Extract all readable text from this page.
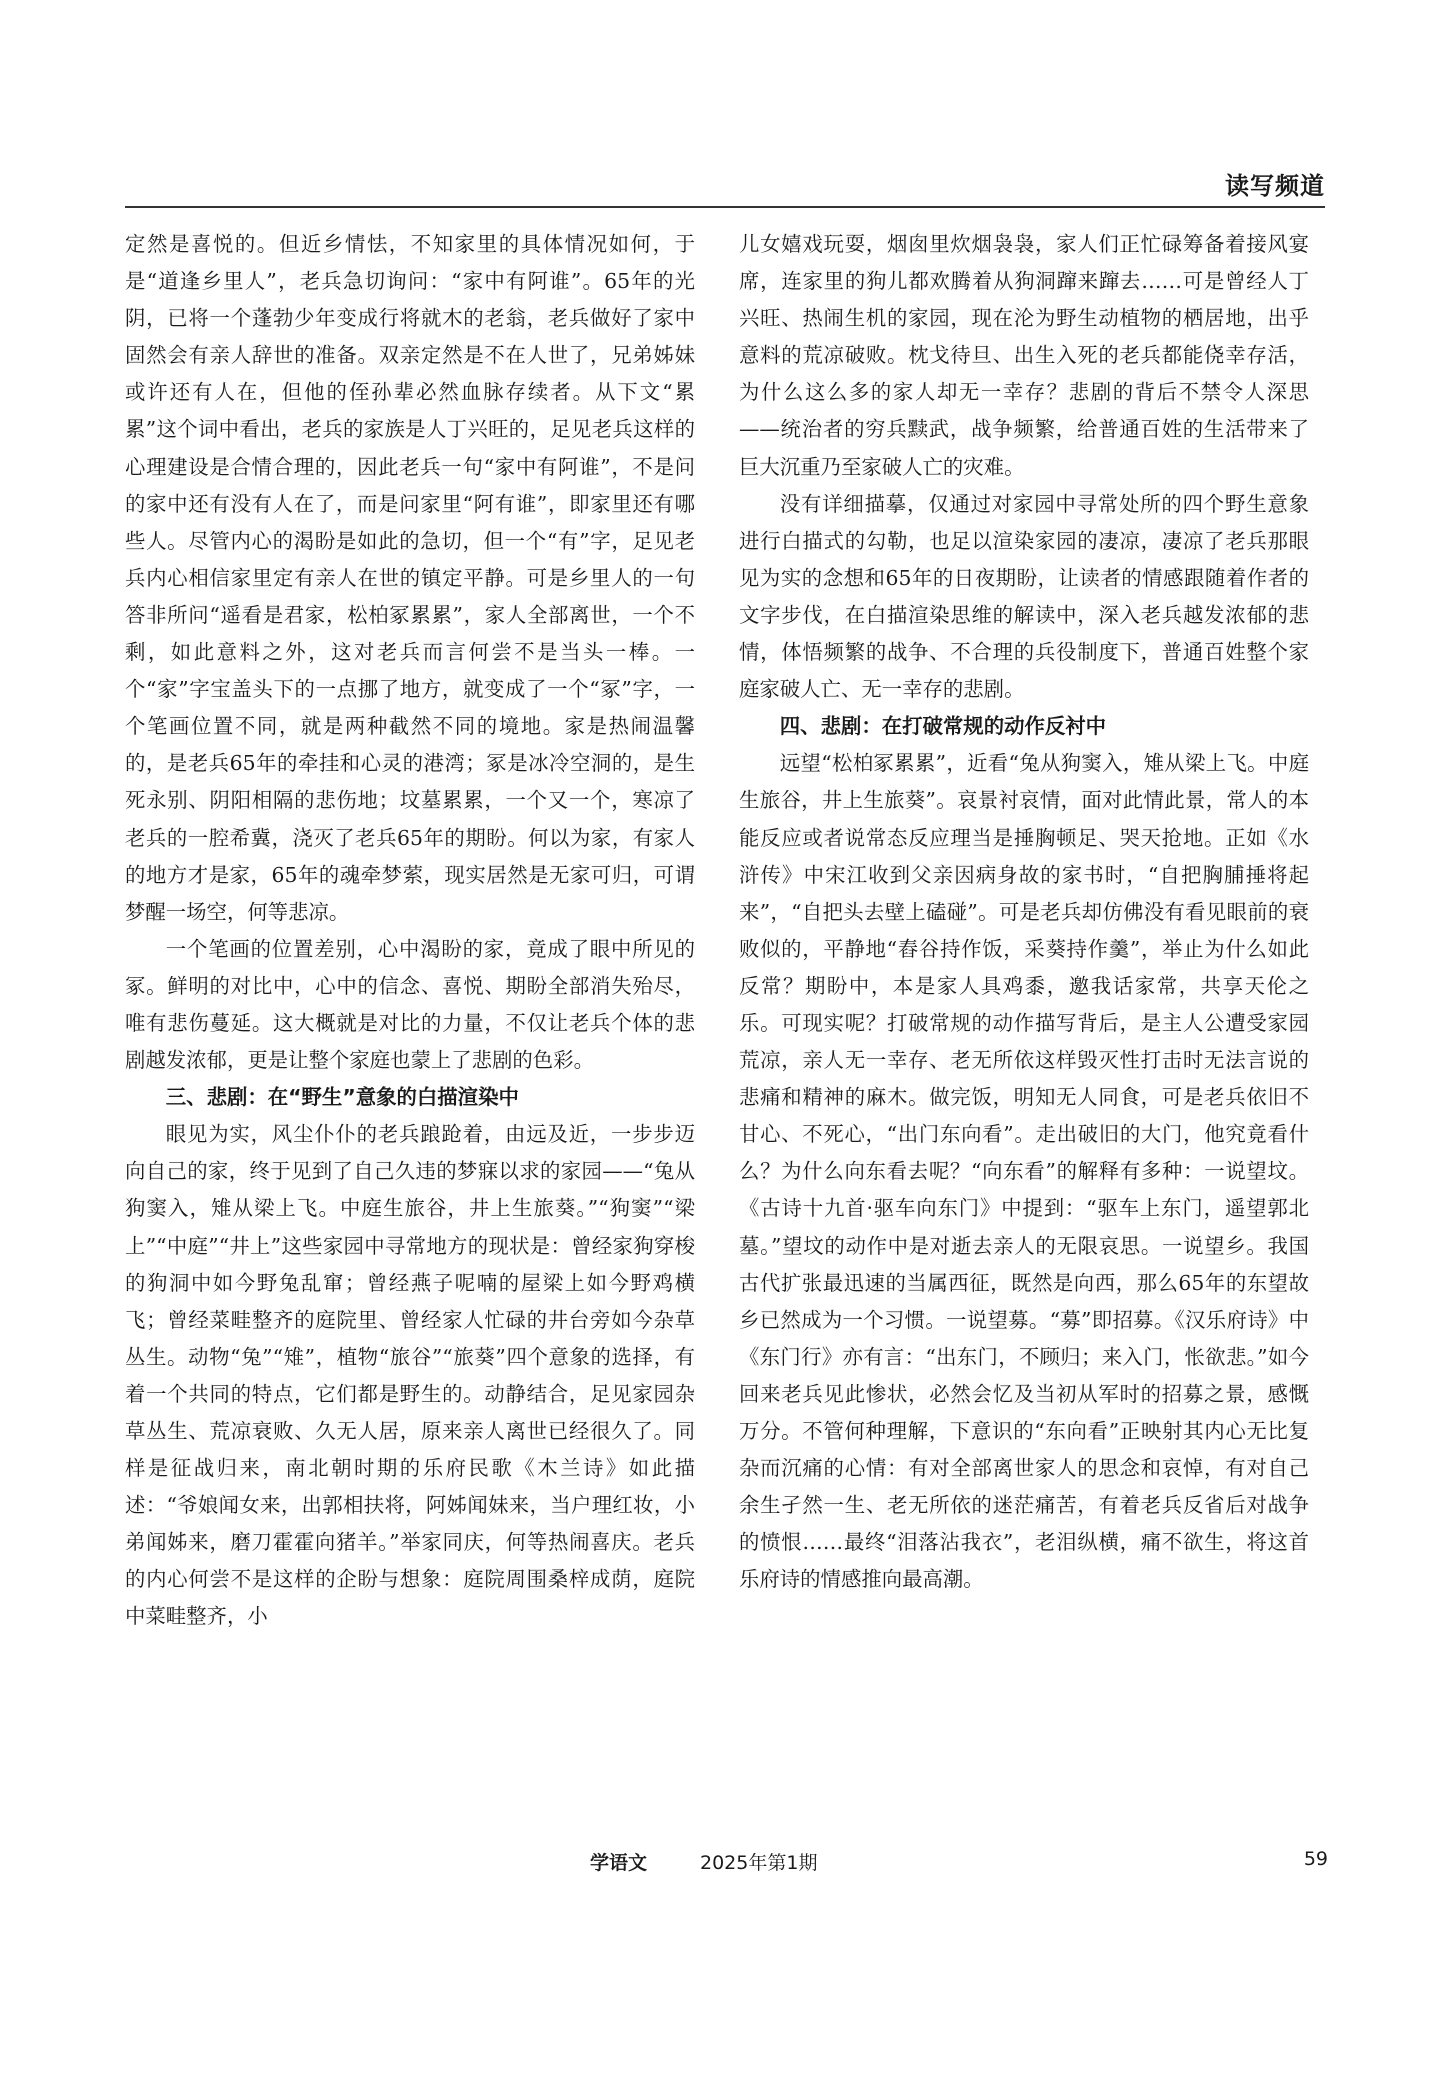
读写频道

定然是喜悦的。但近乡情怯，不知家里的具体情况如何，于是“道逢乡里人”，老兵急切询问：“家中有阿谁”。65年的光阴，已将一个蓬勃少年变成行将就木的老翁，老兵做好了家中固然会有亲人辞世的准备。双亲定然是不在人世了，兄弟姊妹或许还有人在，但他的侄孙辈必然血脉存续者。从下文“累累”这个词中看出，老兵的家族是人丁兴旺的，足见老兵这样的心理建设是合情合理的，因此老兵一句“家中有阿谁”，不是问的家中还有没有人在了，而是问家里“阿有谁”，即家里还有哪些人。尽管内心的渴盼是如此的急切，但一个“有”字，足见老兵内心相信家里定有亲人在世的镇定平静。可是乡里人的一句答非所问“遥看是君家，松柏冢累累”，家人全部离世，一个不剩，如此意料之外，这对老兵而言何尝不是当头一棒。一个“家”字宝盖头下的一点挪了地方，就变成了一个“冢”字，一个笔画位置不同，就是两种截然不同的境地。家是热闹温馨的，是老兵65年的牵挂和心灵的港湾；冢是冰冷空洞的，是生死永别、阴阳相隔的悲伤地；坟墓累累，一个又一个，寒凉了老兵的一腔希冀，浇灭了老兵65年的期盼。何以为家，有家人的地方才是家，65年的魂牵梦萦，现实居然是无家可归，可谓梦醒一场空，何等悲凉。

一个笔画的位置差别，心中渴盼的家，竟成了眼中所见的冢。鲜明的对比中，心中的信念、喜悦、期盼全部消失殆尽，唯有悲伤蔓延。这大概就是对比的力量，不仅让老兵个体的悲剧越发浓郁，更是让整个家庭也蒙上了悲剧的色彩。

三、悲剧：在“野生”意象的白描渲染中

眼见为实，风尘仆仆的老兵踉跄着，由远及近，一步步迈向自己的家，终于见到了自己久违的梦寐以求的家园——“兔从狗窦入，雉从梁上飞。中庭生旅谷，井上生旅葵。”“狗窦”“梁上”“中庭”“井上”这些家园中寻常地方的现状是：曾经家狗穿梭的狗洞中如今野兔乱窜；曾经燕子呢喃的屋梁上如今野鸡横飞；曾经菜畦整齐的庭院里、曾经家人忙碌的井台旁如今杂草丛生。动物“兔”“雉”，植物“旅谷”“旅葵”四个意象的选择，有着一个共同的特点，它们都是野生的。动静结合，足见家园杂草丛生、荒凉衰败、久无人居，原来亲人离世已经很久了。同样是征战归来，南北朝时期的乐府民歌《木兰诗》如此描述：“爷娘闻女来，出郭相扶将，阿姊闻妹来，当户理红妆，小弟闻姊来，磨刀霍霍向猪羊。”举家同庆，何等热闹喜庆。老兵的内心何尝不是这样的企盼与想象：庭院周围桑梓成荫，庭院中菜畦整齐，小

儿女嬉戏玩耍，烟囱里炊烟袅袅，家人们正忙碌筹备着接风宴席，连家里的狗儿都欢腾着从狗洞蹿来蹿去……可是曾经人丁兴旺、热闹生机的家园，现在沦为野生动植物的栖居地，出乎意料的荒凉破败。枕戈待旦、出生入死的老兵都能侥幸存活，为什么这么多的家人却无一幸存？悲剧的背后不禁令人深思——统治者的穷兵黩武，战争频繁，给普通百姓的生活带来了巨大沉重乃至家破人亡的灾难。

没有详细描摹，仅通过对家园中寻常处所的四个野生意象进行白描式的勾勒，也足以渲染家园的凄凉，凄凉了老兵那眼见为实的念想和65年的日夜期盼，让读者的情感跟随着作者的文字步伐，在白描渲染思维的解读中，深入老兵越发浓郁的悲情，体悟频繁的战争、不合理的兵役制度下，普通百姓整个家庭家破人亡、无一幸存的悲剧。

四、悲剧：在打破常规的动作反衬中

远望“松柏冢累累”，近看“兔从狗窦入，雉从梁上飞。中庭生旅谷，井上生旅葵”。哀景衬哀情，面对此情此景，常人的本能反应或者说常态反应理当是捶胸顿足、哭天抢地。正如《水浒传》中宋江收到父亲因病身故的家书时，“自把胸脯捶将起来”，“自把头去壁上磕碰”。可是老兵却仿佛没有看见眼前的衰败似的，平静地“舂谷持作饭，采葵持作羹”，举止为什么如此反常？期盼中，本是家人具鸡黍，邀我话家常，共享天伦之乐。可现实呢？打破常规的动作描写背后，是主人公遭受家园荒凉，亲人无一幸存、老无所依这样毁灭性打击时无法言说的悲痛和精神的麻木。做完饭，明知无人同食，可是老兵依旧不甘心、不死心，“出门东向看”。走出破旧的大门，他究竟看什么？为什么向东看去呢？“向东看”的解释有多种：一说望坟。《古诗十九首·驱车向东门》中提到：“驱车上东门，遥望郭北墓。”望坟的动作中是对逝去亲人的无限哀思。一说望乡。我国古代扩张最迅速的当属西征，既然是向西，那么65年的东望故乡已然成为一个习惯。一说望募。“募”即招募。《汉乐府诗》中《东门行》亦有言：“出东门，不顾归；来入门，怅欲悲。”如今回来老兵见此惨状，必然会忆及当初从军时的招募之景，感慨万分。不管何种理解，下意识的“东向看”正映射其内心无比复杂而沉痛的心情：有对全部离世家人的思念和哀悼，有对自己余生孑然一生、老无所依的迷茫痛苦，有着老兵反省后对战争的愤恨……最终“泪落沾我衣”，老泪纵横，痛不欲生，将这首乐府诗的情感推向最高潮。

学语文	2025年第1期	59
